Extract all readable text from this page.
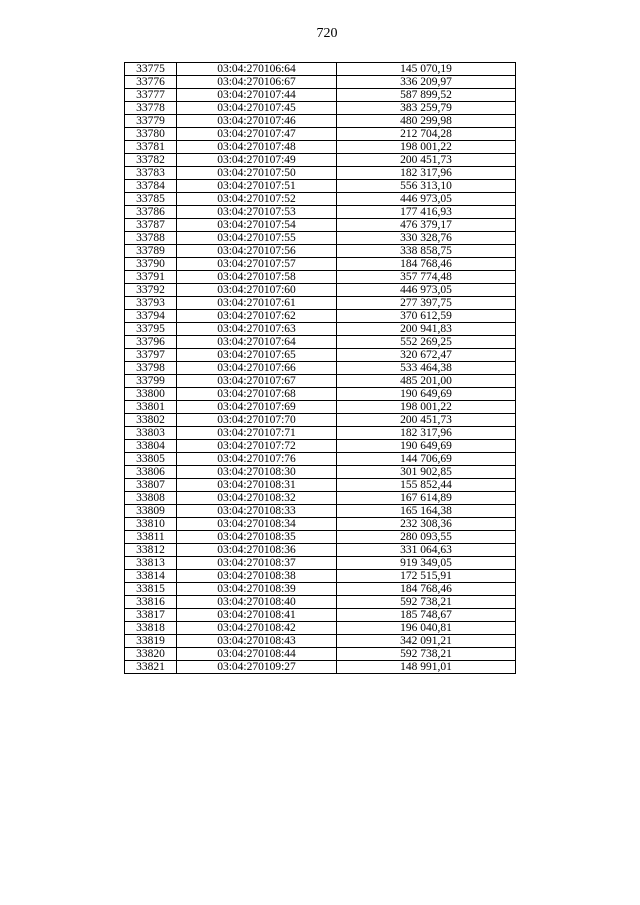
720
33775	03:04:270106:64	145 070,19
33776	03:04:270106:67	336 209,97
33777	03:04:270107:44	587 899,52
33778	03:04:270107:45	383 259,79
33779	03:04:270107:46	480 299,98
33780	03:04:270107:47	212 704,28
33781	03:04:270107:48	198 001,22
33782	03:04:270107:49	200 451,73
33783	03:04:270107:50	182 317,96
33784	03:04:270107:51	556 313,10
33785	03:04:270107:52	446 973,05
33786	03:04:270107:53	177 416,93
33787	03:04:270107:54	476 379,17
33788	03:04:270107:55	330 328,76
33789	03:04:270107:56	338 858,75
33790	03:04:270107:57	184 768,46
33791	03:04:270107:58	357 774,48
33792	03:04:270107:60	446 973,05
33793	03:04:270107:61	277 397,75
33794	03:04:270107:62	370 612,59
33795	03:04:270107:63	200 941,83
33796	03:04:270107:64	552 269,25
33797	03:04:270107:65	320 672,47
33798	03:04:270107:66	533 464,38
33799	03:04:270107:67	485 201,00
33800	03:04:270107:68	190 649,69
33801	03:04:270107:69	198 001,22
33802	03:04:270107:70	200 451,73
33803	03:04:270107:71	182 317,96
33804	03:04:270107:72	190 649,69
33805	03:04:270107:76	144 706,69
33806	03:04:270108:30	301 902,85
33807	03:04:270108:31	155 852,44
33808	03:04:270108:32	167 614,89
33809	03:04:270108:33	165 164,38
33810	03:04:270108:34	232 308,36
33811	03:04:270108:35	280 093,55
33812	03:04:270108:36	331 064,63
33813	03:04:270108:37	919 349,05
33814	03:04:270108:38	172 515,91
33815	03:04:270108:39	184 768,46
33816	03:04:270108:40	592 738,21
33817	03:04:270108:41	185 748,67
33818	03:04:270108:42	196 040,81
33819	03:04:270108:43	342 091,21
33820	03:04:270108:44	592 738,21
33821	03:04:270109:27	148 991,01
